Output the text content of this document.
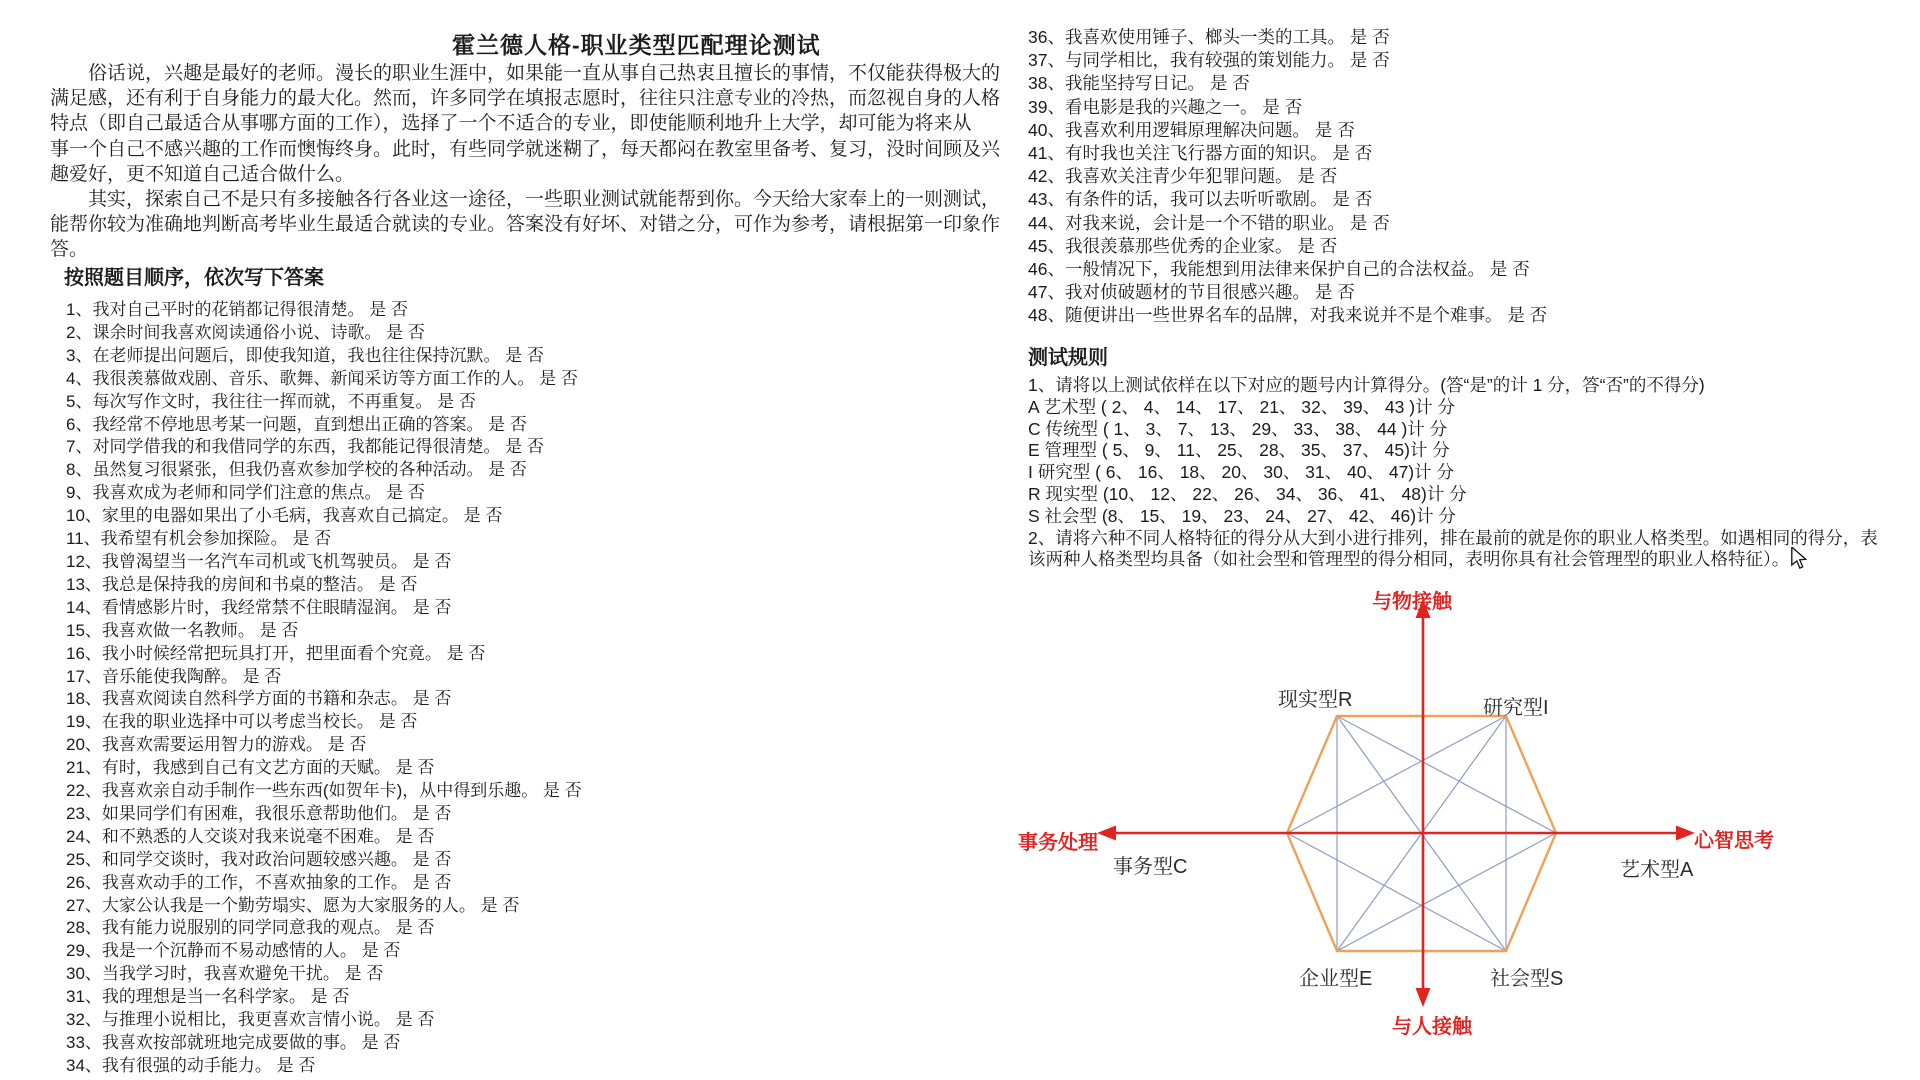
霍兰德人格-职业类型匹配理论测试
　　俗话说，兴趣是最好的老师。漫长的职业生涯中，如果能一直从事自己热衷且擅长的事情，不仅能获得极大的
满足感，还有利于自身能力的最大化。然而，许多同学在填报志愿时，往往只注意专业的冷热，而忽视自身的人格
特点（即自己最适合从事哪方面的工作），选择了一个不适合的专业，即使能顺利地升上大学，却可能为将来从
事一个自己不感兴趣的工作而懊悔终身。此时，有些同学就迷糊了，每天都闷在教室里备考、复习，没时间顾及兴
趣爱好，更不知道自己适合做什么。
　　其实，探索自己不是只有多接触各行各业这一途径，一些职业测试就能帮到你。今天给大家奉上的一则测试，
能帮你较为准确地判断高考毕业生最适合就读的专业。答案没有好坏、对错之分，可作为参考，请根据第一印象作
答。
按照题目顺序，依次写下答案
1、我对自己平时的花销都记得很清楚。 是 否
2、课余时间我喜欢阅读通俗小说、诗歌。 是 否
3、在老师提出问题后，即使我知道，我也往往保持沉默。 是 否
4、我很羡慕做戏剧、音乐、歌舞、新闻采访等方面工作的人。 是 否
5、每次写作文时，我往往一挥而就，不再重复。 是 否
6、我经常不停地思考某一问题，直到想出正确的答案。 是 否
7、对同学借我的和我借同学的东西，我都能记得很清楚。 是 否
8、虽然复习很紧张，但我仍喜欢参加学校的各种活动。 是 否
9、我喜欢成为老师和同学们注意的焦点。 是 否
10、家里的电器如果出了小毛病，我喜欢自己搞定。 是 否
11、我希望有机会参加探险。 是 否
12、我曾渴望当一名汽车司机或飞机驾驶员。 是 否
13、我总是保持我的房间和书桌的整洁。 是 否
14、看情感影片时，我经常禁不住眼睛湿润。 是 否
15、我喜欢做一名教师。 是 否
16、我小时候经常把玩具打开，把里面看个究竟。 是 否
17、音乐能使我陶醉。 是 否
18、我喜欢阅读自然科学方面的书籍和杂志。 是 否
19、在我的职业选择中可以考虑当校长。 是 否
20、我喜欢需要运用智力的游戏。 是 否
21、有时，我感到自己有文艺方面的天赋。 是 否
22、我喜欢亲自动手制作一些东西(如贺年卡)，从中得到乐趣。 是 否
23、如果同学们有困难，我很乐意帮助他们。 是 否
24、和不熟悉的人交谈对我来说毫不困难。 是 否
25、和同学交谈时，我对政治问题较感兴趣。 是 否
26、我喜欢动手的工作，不喜欢抽象的工作。 是 否
27、大家公认我是一个勤劳塌实、愿为大家服务的人。 是 否
28、我有能力说服别的同学同意我的观点。 是 否
29、我是一个沉静而不易动感情的人。 是 否
30、当我学习时，我喜欢避免干扰。 是 否
31、我的理想是当一名科学家。 是 否
32、与推理小说相比，我更喜欢言情小说。 是 否
33、我喜欢按部就班地完成要做的事。 是 否
34、我有很强的动手能力。 是 否
36、我喜欢使用锤子、榔头一类的工具。 是 否
37、与同学相比，我有较强的策划能力。 是 否
38、我能坚持写日记。 是 否
39、看电影是我的兴趣之一。 是 否
40、我喜欢利用逻辑原理解决问题。 是 否
41、有时我也关注飞行器方面的知识。 是 否
42、我喜欢关注青少年犯罪问题。 是 否
43、有条件的话，我可以去听听歌剧。 是 否
44、对我来说，会计是一个不错的职业。 是 否
45、我很羡慕那些优秀的企业家。 是 否
46、一般情况下，我能想到用法律来保护自己的合法权益。 是 否
47、我对侦破题材的节目很感兴趣。 是 否
48、随便讲出一些世界名车的品牌，对我来说并不是个难事。 是 否
测试规则
1、请将以上测试依样在以下对应的题号内计算得分。(答“是”的计 1 分，答“否”的不得分)
A 艺术型 ( 2、 4、 14、 17、 21、 32、 39、 43 )计 分
C 传统型 ( 1、 3、 7、 13、 29、 33、 38、 44 )计 分
E 管理型 ( 5、 9、 11、 25、 28、 35、 37、 45)计 分
I 研究型 ( 6、 16、 18、 20、 30、 31、 40、 47)计 分
R 现实型 (10、 12、 22、 26、 34、 36、 41、 48)计 分
S 社会型 (8、 15、 19、 23、 24、 27、 42、 46)计 分
2、请将六种不同人格特征的得分从大到小进行排列，排在最前的就是你的职业人格类型。如遇相同的得分，表
该两种人格类型均具备（如社会型和管理型的得分相同，表明你具有社会管理型的职业人格特征）。
与物接触
与人接触
事务处理	心智思考
现实型R	研究型I
事务型C	艺术型A
企业型E	社会型S
